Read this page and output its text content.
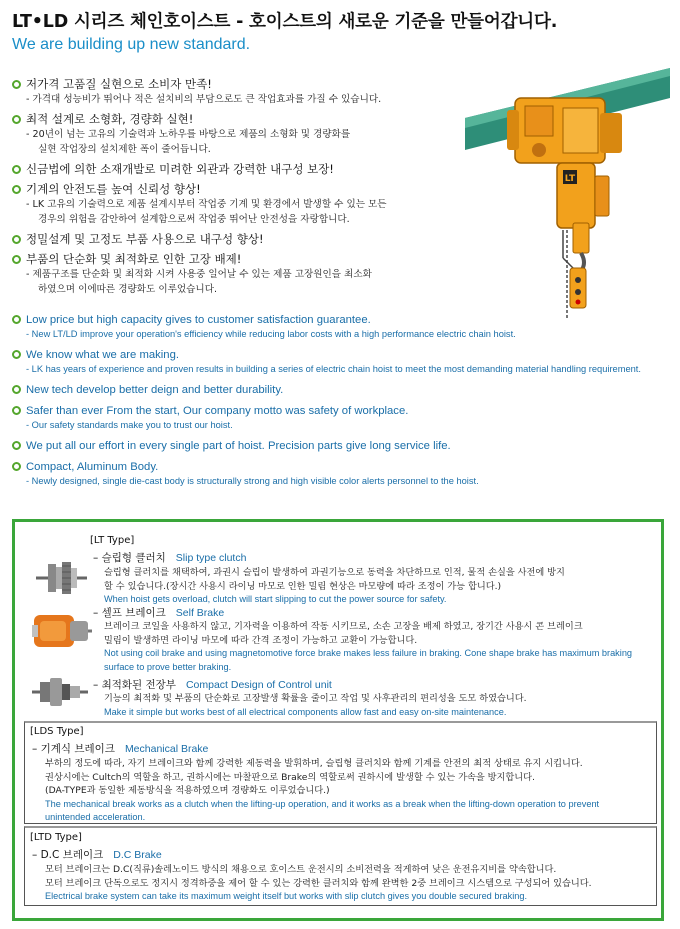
LT•LD 시리즈 체인호이스트 - 호이스트의 새로운 기준을 만들어갑니다.
We are building up new standard.
저가격 고품질 실현으로 소비자 만족!
- 가격대 성능비가 뛰어나 적은 설치비의 부담으로도 큰 작업효과를 가질 수 있습니다.
최적 설계로 소형화, 경량화 실현!
- 20년이 넘는 고유의 기술력과 노하우를 바탕으로 제품의 소형화 및 경량화를
실현 작업장의 설치제한 폭이 줄어듭니다.
신금법에 의한 소재개발로 미려한 외관과 강력한 내구성 보장!
기계의 안전도를 높여 신뢰성 향상!
- LK 고유의 기술력으로 제품 설계시부터 작업중 기계 및 환경에서 발생할 수 있는 모든
경우의 위험을 감안하여 설계함으로써 작업중 뛰어난 안전성을 자랑합니다.
정밀설계 및 고정도 부품 사용으로 내구성 향상!
부품의 단순화 및 최적화로 인한 고장 배제!
- 제품구조를 단순화 및 최적화 시켜 사용중 일어날 수 있는 제품 고장원인을 최소화
하였으며 이에따른 경량화도 이루었습니다.
LT
Low price but high capacity gives to customer satisfaction guarantee.
- New LT/LD improve your operation's efficiency while reducing labor costs with a high performance electric chain hoist.
We know what we are making.
- LK has years of experience and proven results in building a series of electric chain hoist to meet the most demanding material handling requirement.
New tech develop better deign and better durability.
Safer than ever From the start, Our company motto was safety of workplace.
- Our safety standards make you to trust our hoist.
We put all our effort in every single part of hoist. Precision parts give long service life.
Compact, Aluminum Body.
- Newly designed, single die-cast body is structurally strong and high visible color alerts personnel to the hoist.
[LT Type]
– 슬립형 클러치 Slip type clutch
슬립형 클러치를 채택하여, 과권시 슬립이 발생하여 과권기능으로 동력을 차단하므로 인적, 물적 손실을 사전에 방지
할 수 있습니다.(장시간 사용시 라이닝 마모로 인한 밀림 현상은 마모량에 따라 조정이 가능 합니다.)
When hoist gets overload, clutch will start slipping to cut the power source for safety.
– 셀프 브레이크 Self Brake
브레이크 코일을 사용하지 않고, 기자력을 이용하여 작동 시키므로, 소손 고장을 배제 하였고, 장기간 사용시 콘 브레이크
밀림이 발생하면 라이닝 마모에 따라 간격 조정이 가능하고 교환이 가능합니다.
Not using coil brake and using magnetomotive force brake makes less failure in braking. Cone shape brake has maximum braking
surface to prove better braking.
– 최적화된 전장부 Compact Design of Control unit
기능의 최적화 및 부품의 단순화로 고장발생 확률을 줄이고 작업 및 사후관리의 편리성을 도모 하였습니다.
Make it simple but works best of all electrical components allow fast and easy on-site maintenance.
[LDS Type]
– 기계식 브레이크 Mechanical Brake
부하의 정도에 따라, 자기 브레이크와 함께 강력한 제동력을 발휘하며, 슬립형 클러치와 함께 기계를 안전의 최적 상태로 유지 시킵니다.
권상시에는 Cultch의 역할을 하고, 권하시에는 마찰판으로 Brake의 역할로써 권하시에 발생할 수 있는 가속을 방지합니다.
(DA-TYPE과 동일한 제동방식을 적용하였으며 경량화도 이루었습니다.)
The mechanical break works as a clutch when the lifting-up operation, and it works as a break when the lifting-down operation to prevent
unintended acceleration.
[LTD Type]
– D.C 브레이크 D.C Brake
모터 브레이크는 D.C(직류)솔레노이드 방식의 채용으로 호이스트 운전시의 소비전력을 적게하여 낮은 운전유지비를 약속합니다.
모터 브레이크 단독으로도 정지시 정격하중을 제어 할 수 있는 강력한 클러치와 함께 완벽한 2중 브레이크 시스템으로 구성되어 있습니다.
Electrical brake system can take its maximum weight itself but works with slip clutch gives you double secured braking.
